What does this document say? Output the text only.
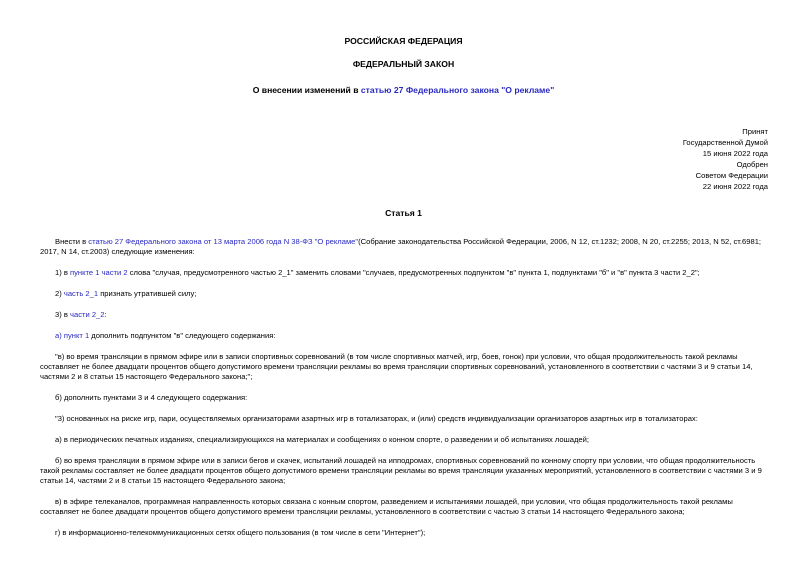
РОССИЙСКАЯ ФЕДЕРАЦИЯ
ФЕДЕРАЛЬНЫЙ ЗАКОН
О внесении изменений в статью 27 Федерального закона "О рекламе"
Принят
Государственной Думой
15 июня 2022 года
Одобрен
Советом Федерации
22 июня 2022 года
Статья 1

Внести в статью 27 Федерального закона от 13 марта 2006 года N 38-ФЗ "О рекламе"(Собрание законодательства Российской Федерации, 2006, N 12, ст.1232; 2008, N 20, ст.2255; 2013, N 52, ст.6981; 2017, N 14, ст.2003) следующие изменения:

1) в пункте 1 части 2 слова "случая, предусмотренного частью 2_1" заменить словами "случаев, предусмотренных подпунктом "в" пункта 1, подпунктами "б" и "в" пункта 3 части 2_2";

2) часть 2_1 признать утратившей силу;

3) в части 2_2:

а) пункт 1 дополнить подпунктом "в" следующего содержания:

"в) во время трансляции в прямом эфире или в записи спортивных соревнований (в том числе спортивных матчей, игр, боев, гонок) при условии, что общая продолжительность такой рекламы составляет не более двадцати процентов общего допустимого времени трансляции рекламы во время трансляции спортивных соревнований, установленного в соответствии с частями 3 и 9 статьи 14, частями 2 и 8 статьи 15 настоящего Федерального закона;";

б) дополнить пунктами 3 и 4 следующего содержания:

"3) основанных на риске игр, пари, осуществляемых организаторами азартных игр в тотализаторах, и (или) средств индивидуализации организаторов азартных игр в тотализаторах:

а) в периодических печатных изданиях, специализирующихся на материалах и сообщениях о конном спорте, о разведении и об испытаниях лошадей;

б) во время трансляции в прямом эфире или в записи бегов и скачек, испытаний лошадей на ипподромах, спортивных соревнований по конному спорту при условии, что общая продолжительность такой рекламы составляет не более двадцати процентов общего допустимого времени трансляции рекламы во время трансляции указанных мероприятий, установленного в соответствии с частями 3 и 9 статьи 14, частями 2 и 8 статьи 15 настоящего Федерального закона;

в) в эфире телеканалов, программная направленность которых связана с конным спортом, разведением и испытаниями лошадей, при условии, что общая продолжительность такой рекламы составляет не более двадцати процентов общего допустимого времени трансляции рекламы, установленного в соответствии с частью 3 статьи 14 настоящего Федерального закона;

г) в информационно-телекоммуникационных сетях общего пользования (в том числе в сети "Интернет");
